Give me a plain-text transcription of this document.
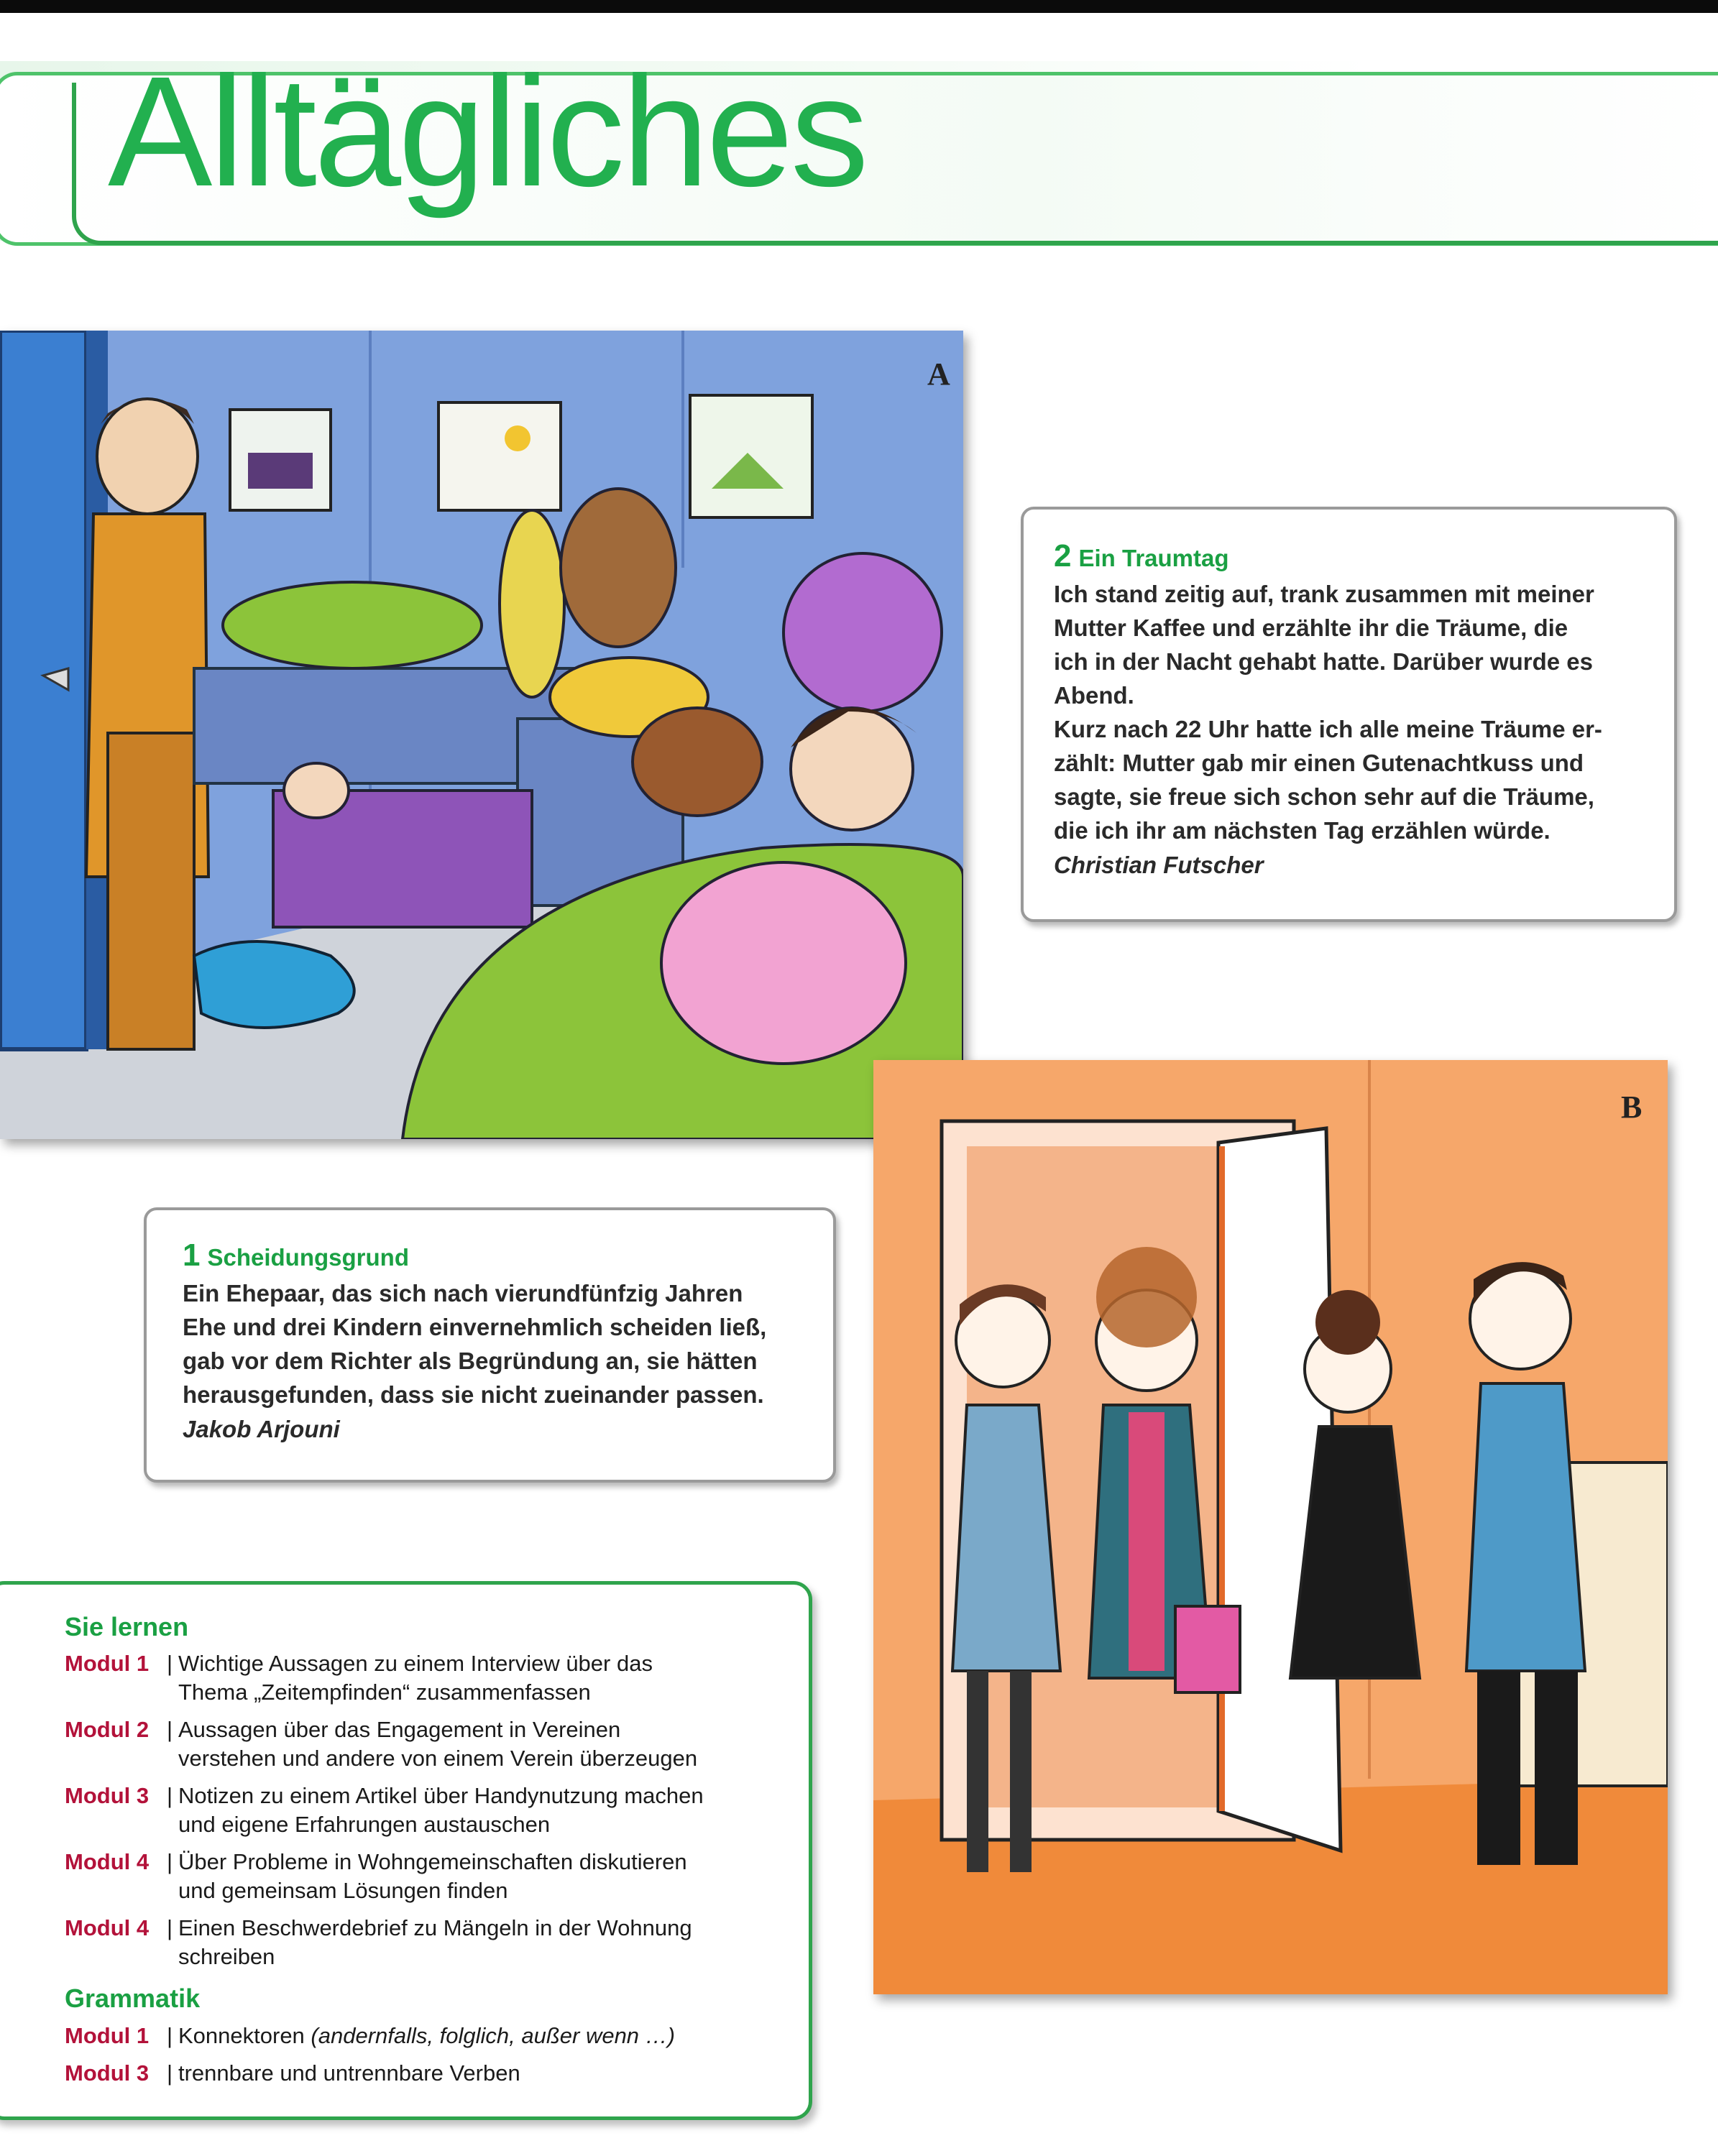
Alltägliches
A

2 Ein Traumtag

Ich stand zeitig auf, trank zusammen mit meiner

Mutter Kaffee und erzählte ihr die Träume, die

ich in der Nacht gehabt hatte. Darüber wurde es

Abend.

Kurz nach 22 Uhr hatte ich alle meine Träume er-

zählt: Mutter gab mir einen Gutenachtkuss und

sagte, sie freue sich schon sehr auf die Träume,

die ich ihr am nächsten Tag erzählen würde.

Christian Futscher

1 Scheidungsgrund

Ein Ehepaar, das sich nach vierundfünfzig Jahren

Ehe und drei Kindern einvernehmlich scheiden ließ,

gab vor dem Richter als Begründung an, sie hätten

herausgefunden, dass sie nicht zueinander passen.

Jakob Arjouni

B
Sie lernen
Modul 1 | Wichtige Aussagen zu einem Interview über das
Thema „Zeitempfinden“ zusammenfassen
Modul 2 | Aussagen über das Engagement in Vereinen
verstehen und andere von einem Verein überzeugen
Modul 3 | Notizen zu einem Artikel über Handynutzung machen
und eigene Erfahrungen austauschen
Modul 4 | Über Probleme in Wohngemeinschaften diskutieren
und gemeinsam Lösungen finden
Modul 4 | Einen Beschwerdebrief zu Mängeln in der Wohnung
schreiben
Grammatik
Modul 1 | Konnektoren (andernfalls, folglich, außer wenn …)
Modul 3 | trennbare und untrennbare Verben
